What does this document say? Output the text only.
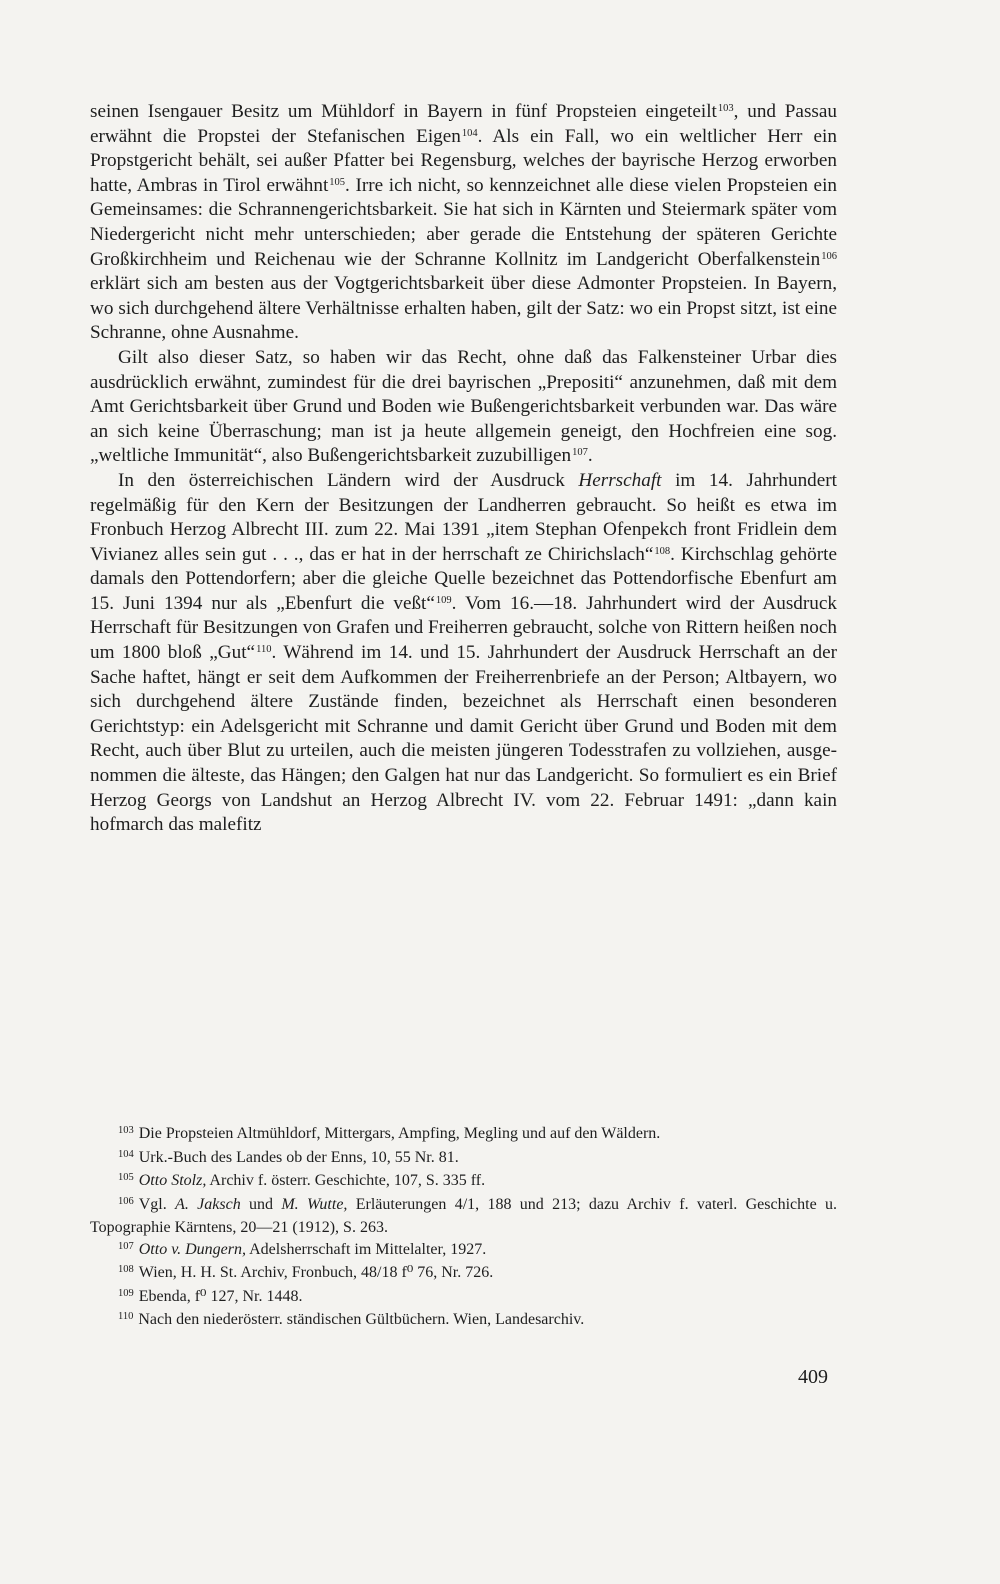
seinen Isengauer Besitz um Mühldorf in Bayern in fünf Propsteien eingeteilt$^{103}$, und Passau erwähnt die Propstei der Stefanischen Eigen$^{104}$. Als ein Fall, wo ein weltlicher Herr ein Propstgericht behält, sei außer Pfatter bei Regensburg, welches der bayrische Herzog erworben hatte, Ambras in Tirol erwähnt$^{105}$. Irre ich nicht, so kennzeichnet alle diese vielen Propsteien ein Gemeinsames: die Schrannengerichtsbarkeit. Sie hat sich in Kärnten und Steiermark später vom Niedergericht nicht mehr unterschieden; aber gerade die Entstehung der späteren Gerichte Großkirchheim und Reichenau wie der Schranne Kollnitz im Landgericht Oberfalkenstein$^{106}$ erklärt sich am besten aus der Vogtgerichtsbarkeit über diese Admonter Propsteien. In Bayern, wo sich durchgehend ältere Verhältnisse erhalten haben, gilt der Satz: wo ein Propst sitzt, ist eine Schranne, ohne Ausnahme.

Gilt also dieser Satz, so haben wir das Recht, ohne daß das Falkensteiner Urbar dies ausdrücklich erwähnt, zumindest für die drei bayrischen „Prepositi“ anzunehmen, daß mit dem Amt Gerichtsbarkeit über Grund und Boden wie Bußengerichtsbarkeit verbunden war. Das wäre an sich keine Überraschung; man ist ja heute allgemein geneigt, den Hochfreien eine sog. „weltliche Immunität“, also Bußengerichtsbarkeit zuzubilligen$^{107}$.

In den österreichischen Ländern wird der Ausdruck Herrschaft im 14. Jahrhundert regelmäßig für den Kern der Besitzungen der Landherren gebraucht. So heißt es etwa im Fronbuch Herzog Albrecht III. zum 22. Mai 1391 „item Stephan Ofenpekch front Fridlein dem Vivianez alles sein gut . . ., das er hat in der herrschaft ze Chirichslach“$^{108}$. Kirchschlag gehörte damals den Pottendorfern; aber die gleiche Quelle bezeichnet das Pottendorfische Ebenfurt am 15. Juni 1394 nur als „Ebenfurt die veßt“$^{109}$. Vom 16.—18. Jahrhundert wird der Ausdruck Herrschaft für Besitzungen von Grafen und Freiherren gebraucht, solche von Rittern heißen noch um 1800 bloß „Gut“$^{110}$. Während im 14. und 15. Jahrhundert der Ausdruck Herrschaft an der Sache haftet, hängt er seit dem Aufkommen der Freiherrenbriefe an der Person; Altbayern, wo sich durchgehend ältere Zustände finden, bezeichnet als Herrschaft einen besonderen Gerichtstyp: ein Adelsgericht mit Schranne und damit Gericht über Grund und Boden mit dem Recht, auch über Blut zu urteilen, auch die meisten jüngeren Todesstrafen zu vollziehen, ausgenommen die älteste, das Hängen; den Galgen hat nur das Landgericht. So formuliert es ein Brief Herzog Georgs von Landshut an Herzog Albrecht IV. vom 22. Februar 1491: „dann kain hofmarch das malefitz

$^{103}$ Die Propsteien Altmühldorf, Mittergars, Ampfing, Megling und auf den Wäldern.
$^{104}$ Urk.-Buch des Landes ob der Enns, 10, 55 Nr. 81.
$^{105}$ Otto Stolz, Archiv f. österr. Geschichte, 107, S. 335 ff.
$^{106}$ Vgl. A. Jaksch und M. Wutte, Erläuterungen 4/1, 188 und 213; dazu Archiv f. vaterl. Geschichte u. Topographie Kärntens, 20—21 (1912), S. 263.
$^{107}$ Otto v. Dungern, Adelsherrschaft im Mittelalter, 1927.
$^{108}$ Wien, H. H. St. Archiv, Fronbuch, 48/18 f⁰ 76, Nr. 726.
$^{109}$ Ebenda, f⁰ 127, Nr. 1448.
$^{110}$ Nach den niederösterr. ständischen Gültbüchern. Wien, Landesarchiv.
409
